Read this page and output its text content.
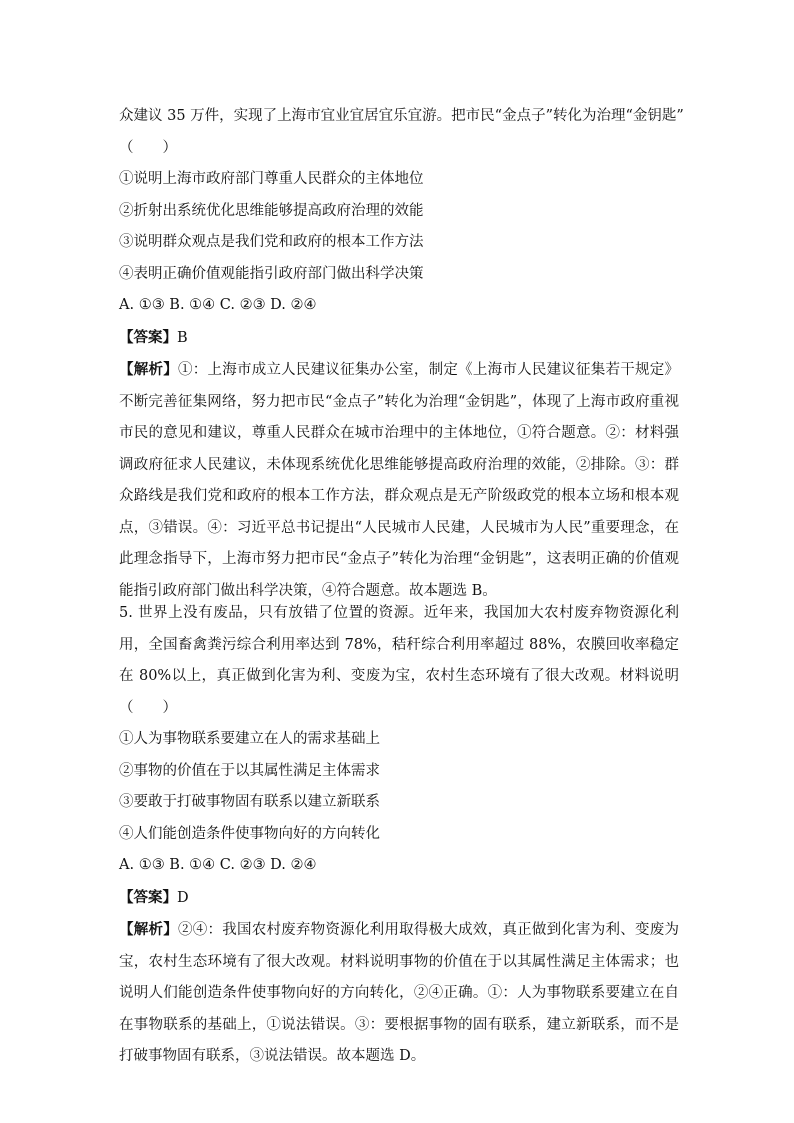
众建议 35 万件，实现了上海市宜业宜居宜乐宜游。把市民“金点子”转化为治理“金钥匙”
（　　）
①说明上海市政府部门尊重人民群众的主体地位
②折射出系统优化思维能够提高政府治理的效能
③说明群众观点是我们党和政府的根本工作方法
④表明正确价值观能指引政府部门做出科学决策
A. ①③ B. ①④ C. ②③ D. ②④
【答案】B
【解析】①：上海市成立人民建议征集办公室，制定《上海市人民建议征集若干规定》不断完善征集网络，努力把市民“金点子”转化为治理“金钥匙”，体现了上海市政府重视市民的意见和建议，尊重人民群众在城市治理中的主体地位，①符合题意。②：材料强调政府征求人民建议，未体现系统优化思维能够提高政府治理的效能，②排除。③：群众路线是我们党和政府的根本工作方法，群众观点是无产阶级政党的根本立场和根本观点，③错误。④：习近平总书记提出“人民城市人民建，人民城市为人民”重要理念，在此理念指导下，上海市努力把市民“金点子”转化为治理“金钥匙”，这表明正确的价值观能指引政府部门做出科学决策，④符合题意。故本题选 B。
5. 世界上没有废品，只有放错了位置的资源。近年来，我国加大农村废弃物资源化利用，全国畜禽粪污综合利用率达到 78%，秸秆综合利用率超过 88%，农膜回收率稳定在 80%以上，真正做到化害为利、变废为宝，农村生态环境有了很大改观。材料说明（　　）
①人为事物联系要建立在人的需求基础上
②事物的价值在于以其属性满足主体需求
③要敢于打破事物固有联系以建立新联系
④人们能创造条件使事物向好的方向转化
A. ①③ B. ①④ C. ②③ D. ②④
【答案】D
【解析】②④：我国农村废弃物资源化利用取得极大成效，真正做到化害为利、变废为宝，农村生态环境有了很大改观。材料说明事物的价值在于以其属性满足主体需求；也说明人们能创造条件使事物向好的方向转化，②④正确。①：人为事物联系要建立在自在事物联系的基础上，①说法错误。③：要根据事物的固有联系，建立新联系，而不是打破事物固有联系，③说法错误。故本题选 D。
